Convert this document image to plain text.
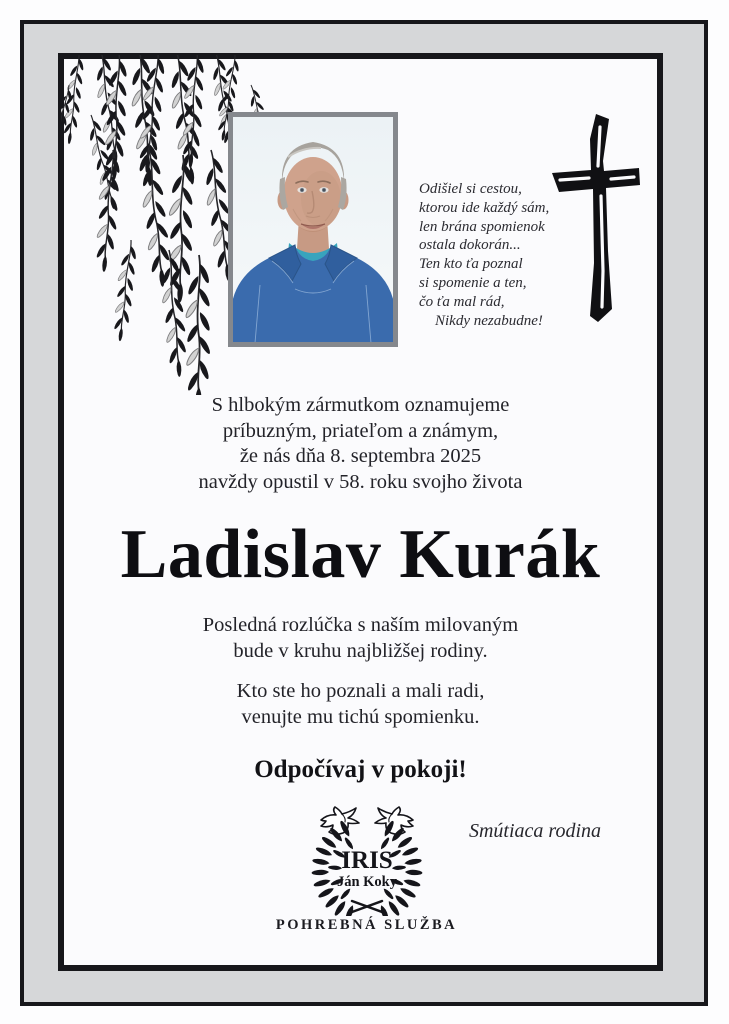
Odišiel si cestou,
ktorou ide každý sám,
len brána spomienok
ostala dokorán...
Ten kto ťa poznal
si spomenie a ten,
čo ťa mal rád,
Nikdy nezabudne!
S hlbokým zármutkom oznamujeme
príbuzným, priateľom a známym,
že nás dňa 8. septembra 2025
navždy opustil v 58. roku svojho života
Ladislav Kurák
Posledná rozlúčka s naším milovaným
bude v kruhu najbližšej rodiny.
Kto ste ho poznali a mali radi,
venujte mu tichú spomienku.
Odpočívaj v pokoji!
IRIS
Ján Koky
Smútiaca rodina
POHREBNÁ SLUŽBA
